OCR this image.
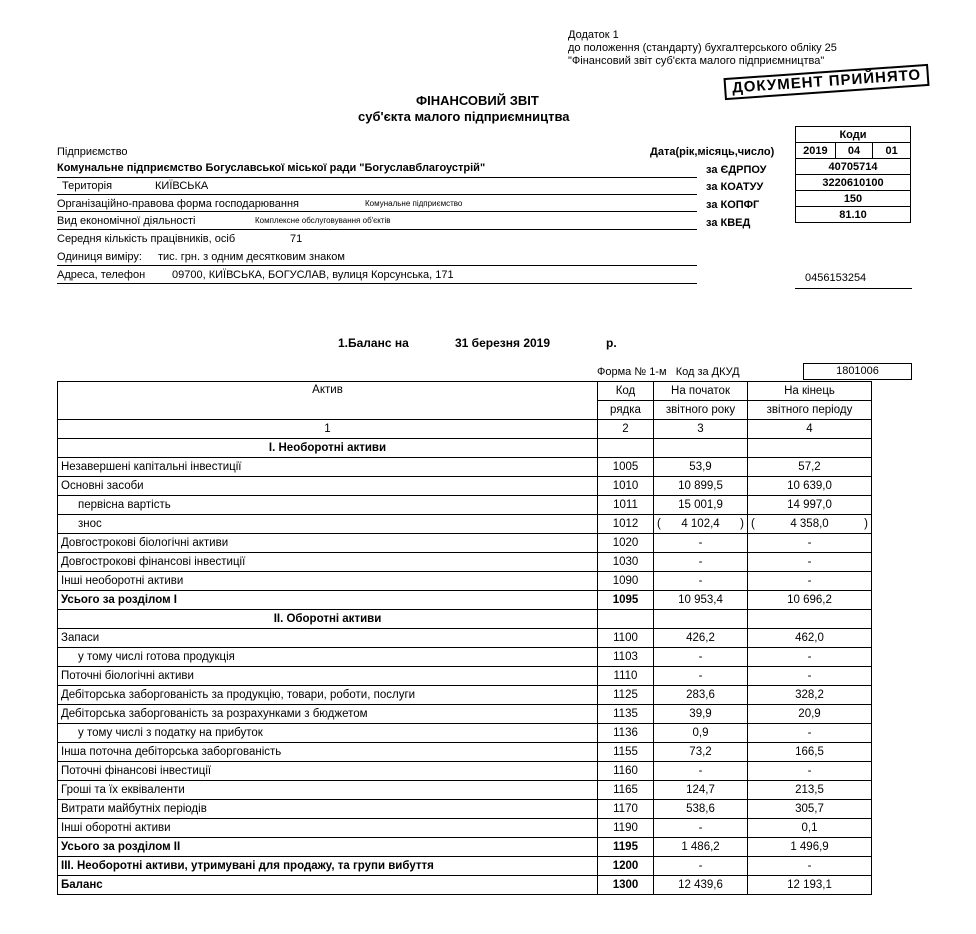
Додаток 1
до положення (стандарту) бухгалтерського обліку 25
"Фінансовий звіт суб'єкта малого підприємництва"
ДОКУМЕНТ ПРИЙНЯТО
ФІНАНСОВИЙ ЗВІТ
суб'єкта малого підприємництва
Коди
2019	04	01
40705714
3220610100
150
81.10
Дата(рік,місяць,число)
за ЄДРПОУ
за КОАТУУ
за КОПФГ
за КВЕД
Підприємство
Комунальне підприємство Богуславської міської ради "Богуславблагоустрій"
Територія	КИЇВСЬКА
Організаційно-правова форма господарювання	Комунальне підприємство
Вид економічної діяльності	Комплексне обслуговування об'єктів
Середня кількість працівників, осіб	71
Одиниця виміру: тис. грн. з одним десятковим знаком
Адреса, телефон 09700, КИЇВСЬКА, БОГУСЛАВ, вулиця Корсунська, 171	0456153254
1.Баланс на	31 березня 2019	р.
Форма № 1-м   Код за ДКУД	1801006
Актив	Код	На початок	На кінець
	рядка	звітного року	звітного періоду
1	2	3	4
І. Необоротні активи			
Незавершені капітальні інвестиції	1005	53,9	57,2
Основні засоби	1010	10 899,5	10 639,0
первісна вартість	1011	15 001,9	14 997,0
знос	1012	( 4 102,4 )	( 4 358,0 )

Довгострокові біологічні активи	1020	-	-
Довгострокові фінансові інвестиції	1030	-	-
Інші необоротні активи	1090	-	-
Усього за розділом I	1095	10 953,4	10 696,2
ІІ. Оборотні активи			
Запаси	1100	426,2	462,0
у тому числі готова продукція	1103	-	-
Поточні біологічні активи	1110	-	-
Дебіторська заборгованість за продукцію, товари, роботи, послуги	1125	283,6	328,2
Дебіторська заборгованість за розрахунками з бюджетом	1135	39,9	20,9
у тому числі з податку на прибуток	1136	0,9	-
Інша поточна дебіторська заборгованість	1155	73,2	166,5
Поточні фінансові інвестиції	1160	-	-
Гроші та їх еквіваленти	1165	124,7	213,5
Витрати майбутніх періодів	1170	538,6	305,7
Інші оборотні активи	1190	-	0,1
Усього за розділом II	1195	1 486,2	1 496,9
III. Необоротні активи, утримувані для продажу, та групи вибуття	1200	-	-
Баланс	1300	12 439,6	12 193,1
